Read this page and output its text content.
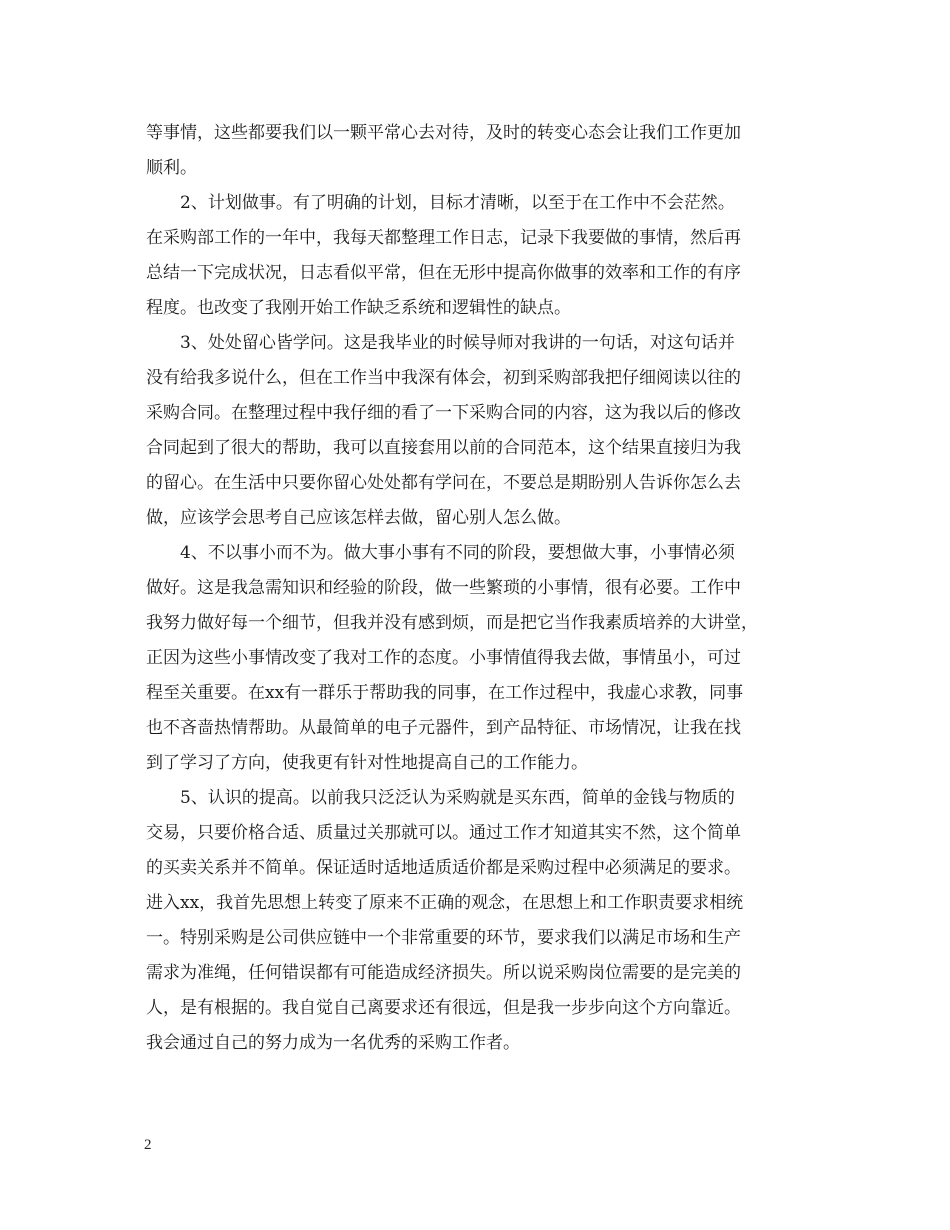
等事情，这些都要我们以一颗平常心去对待，及时的转变心态会让我们工作更加
顺利。
　　2、计划做事。有了明确的计划，目标才清晰，以至于在工作中不会茫然。
在采购部工作的一年中，我每天都整理工作日志，记录下我要做的事情，然后再
总结一下完成状况，日志看似平常，但在无形中提高你做事的效率和工作的有序
程度。也改变了我刚开始工作缺乏系统和逻辑性的缺点。
　　3、处处留心皆学问。这是我毕业的时候导师对我讲的一句话，对这句话并
没有给我多说什么，但在工作当中我深有体会，初到采购部我把仔细阅读以往的
采购合同。在整理过程中我仔细的看了一下采购合同的内容，这为我以后的修改
合同起到了很大的帮助，我可以直接套用以前的合同范本，这个结果直接归为我
的留心。在生活中只要你留心处处都有学问在，不要总是期盼别人告诉你怎么去
做，应该学会思考自己应该怎样去做，留心别人怎么做。
　　4、不以事小而不为。做大事小事有不同的阶段，要想做大事，小事情必须
做好。这是我急需知识和经验的阶段，做一些繁琐的小事情，很有必要。工作中
我努力做好每一个细节，但我并没有感到烦，而是把它当作我素质培养的大讲堂，
正因为这些小事情改变了我对工作的态度。小事情值得我去做，事情虽小，可过
程至关重要。在xx有一群乐于帮助我的同事，在工作过程中，我虚心求教，同事
也不吝啬热情帮助。从最简单的电子元器件，到产品特征、市场情况，让我在找
到了学习了方向，使我更有针对性地提高自己的工作能力。
　　5、认识的提高。以前我只泛泛认为采购就是买东西，简单的金钱与物质的
交易，只要价格合适、质量过关那就可以。通过工作才知道其实不然，这个简单
的买卖关系并不简单。保证适时适地适质适价都是采购过程中必须满足的要求。
进入xx，我首先思想上转变了原来不正确的观念，在思想上和工作职责要求相统
一。特别采购是公司供应链中一个非常重要的环节，要求我们以满足市场和生产
需求为准绳，任何错误都有可能造成经济损失。所以说采购岗位需要的是完美的
人，是有根据的。我自觉自己离要求还有很远，但是我一步步向这个方向靠近。
我会通过自己的努力成为一名优秀的采购工作者。
2
